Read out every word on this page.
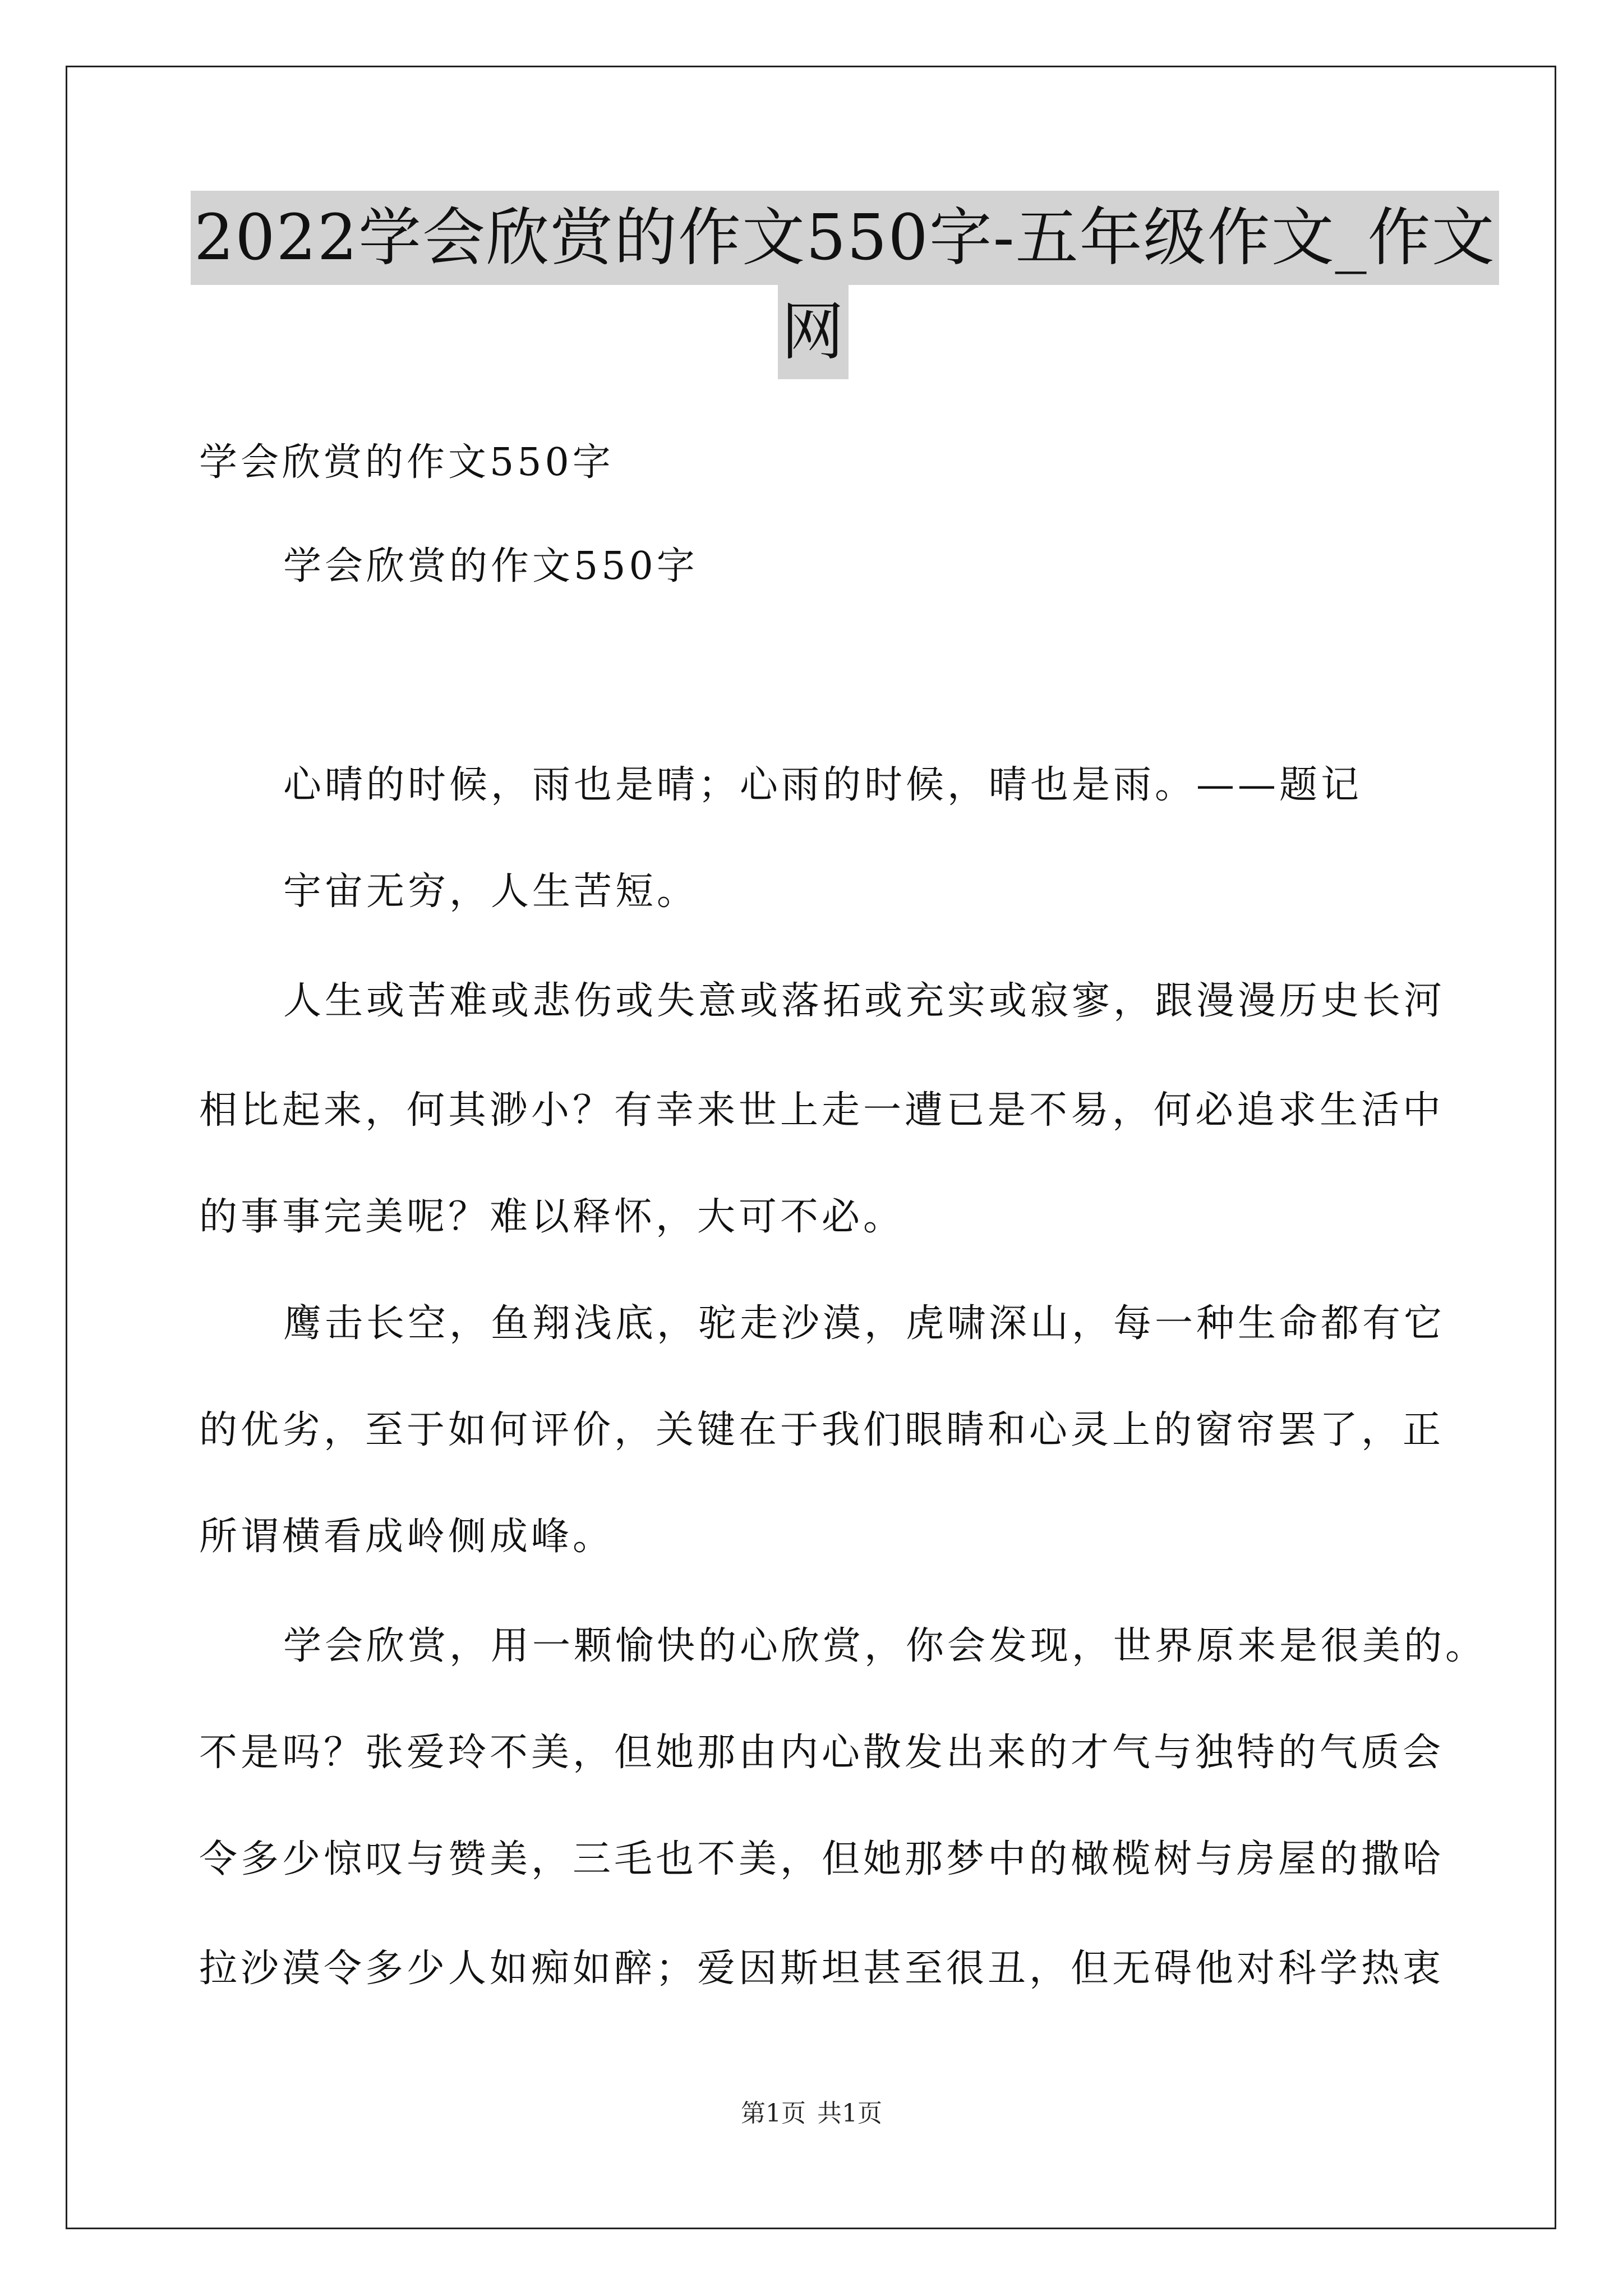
2022学会欣赏的作文550字-五年级作文_作文
网
学会欣赏的作文550字
学会欣赏的作文550字
心晴的时候，雨也是晴；心雨的时候，晴也是雨。——题记
宇宙无穷，人生苦短。
人生或苦难或悲伤或失意或落拓或充实或寂寥，跟漫漫历史长河
相比起来，何其渺小？有幸来世上走一遭已是不易，何必追求生活中
的事事完美呢？难以释怀，大可不必。
鹰击长空，鱼翔浅底，驼走沙漠，虎啸深山，每一种生命都有它
的优劣，至于如何评价，关键在于我们眼睛和心灵上的窗帘罢了，正
所谓横看成岭侧成峰。
学会欣赏，用一颗愉快的心欣赏，你会发现，世界原来是很美的。
不是吗？张爱玲不美，但她那由内心散发出来的才气与独特的气质会
令多少惊叹与赞美，三毛也不美，但她那梦中的橄榄树与房屋的撒哈
拉沙漠令多少人如痴如醉；爱因斯坦甚至很丑，但无碍他对科学热衷
第1页 共1页
